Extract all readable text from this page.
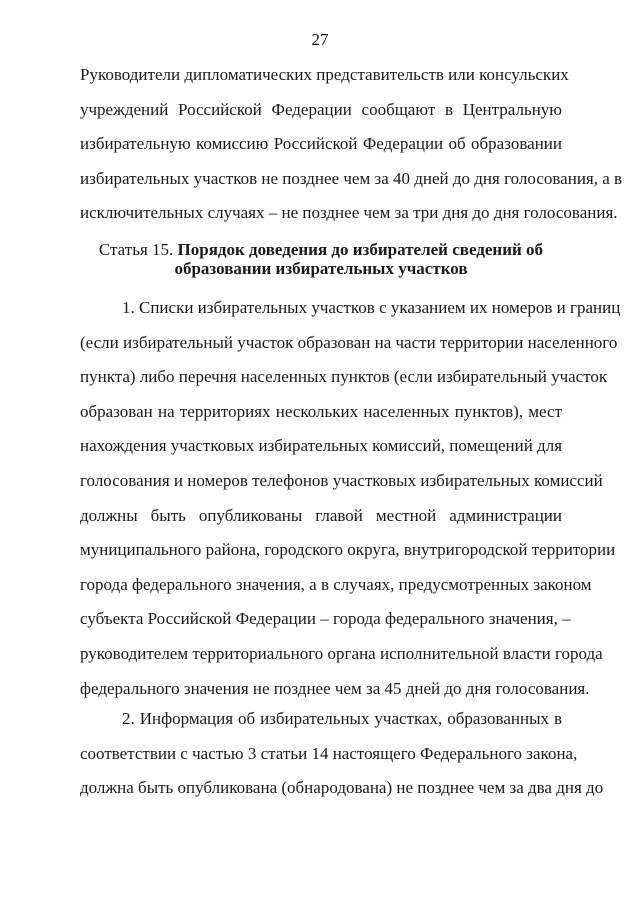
27
Руководители дипломатических представительств или консульских
учреждений Российской Федерации сообщают в Центральную
избирательную комиссию Российской Федерации об образовании
избирательных участков не позднее чем за 40 дней до дня голосования, а в
исключительных случаях – не позднее чем за три дня до дня голосования.
Статья 15. Порядок доведения до избирателей сведений об
образовании избирательных участков
1. Списки избирательных участков с указанием их номеров и границ
(если избирательный участок образован на части территории населенного
пункта) либо перечня населенных пунктов (если избирательный участок
образован на территориях нескольких населенных пунктов), мест
нахождения участковых избирательных комиссий, помещений для
голосования и номеров телефонов участковых избирательных комиссий
должны быть опубликованы главой местной администрации
муниципального района, городского округа, внутригородской территории
города федерального значения, а в случаях, предусмотренных законом
субъекта Российской Федерации – города федерального значения, –
руководителем территориального органа исполнительной власти города
федерального значения не позднее чем за 45 дней до дня голосования.
2. Информация об избирательных участках, образованных в
соответствии с частью 3 статьи 14 настоящего Федерального закона,
должна быть опубликована (обнародована) не позднее чем за два дня до
